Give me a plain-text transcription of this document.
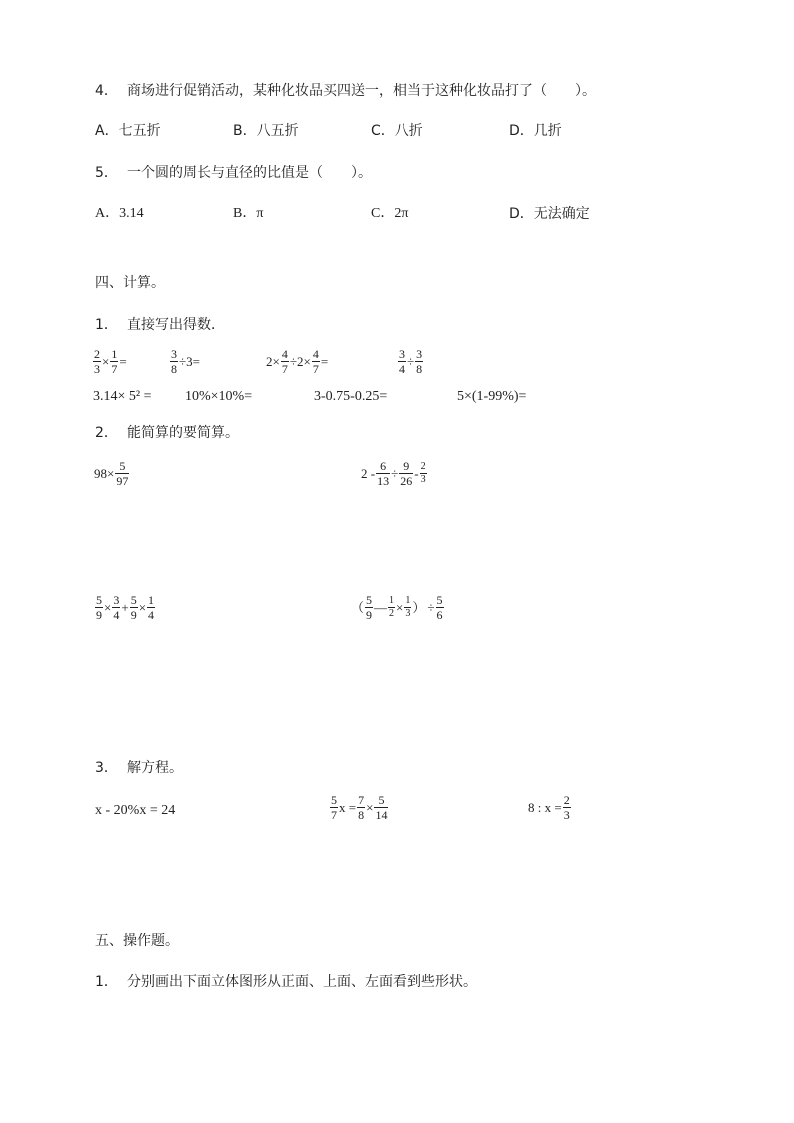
4． 商场进行促销活动，某种化妆品买四送一，相当于这种化妆品打了（　　）。
A．七五折	B．八五折	C．八折	D．几折
5． 一个圆的周长与直径的比值是（　　）。
A．3.14	B．π	C．2π	D．无法确定
四、计算。
1． 直接写出得数．
$\frac{2}{3} \times \frac{1}{7}$ =	$\frac{3}{8} \div 3=$	$2\times \frac{4}{7} \div 2\times \frac{4}{7}$ =	$\frac{3}{4} \div \frac{3}{8}$
3.14× 5² = 10%×10%=	3-0.75-0.25=	5×(1-99%)=
2． 能简算的要简算。
$98\times \frac{5}{97}$	$2 - \frac{6}{13} \div \frac{9}{26} - \frac{2}{3}$
$\frac{5}{9} \times \frac{3}{4} + \frac{5}{9} \times \frac{1}{4}$	（ $\frac{5}{9}$ — $\frac{1}{2} \times \frac{1}{3}$ ） ÷ $\frac{5}{6}$
3． 解方程。
x - 20%x = 24	$\frac{5}{7}$ $x = \frac{7}{8} \times \frac{5}{14}$	8 : $x = \frac{2}{3}$
五、操作题。
1． 分别画出下面立体图形从正面、上面、左面看到些形状。
